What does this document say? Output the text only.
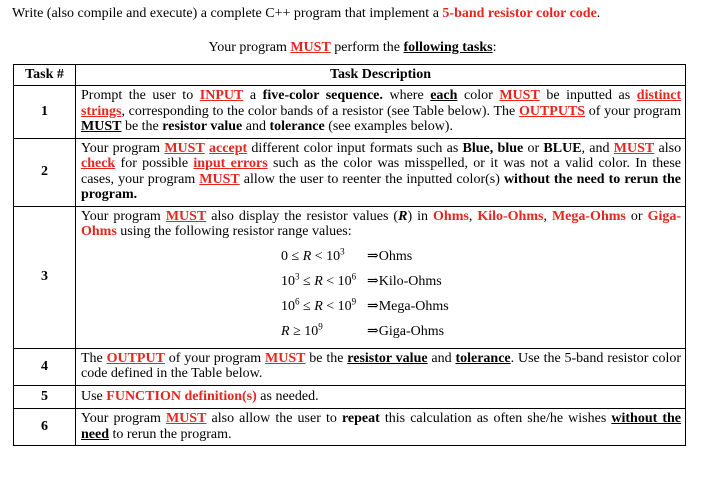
Write (also compile and execute) a complete C++ program that implement a 5-band resistor color code.
Your program MUST perform the following tasks:
Task #	Task Description
1	Prompt the user to INPUT a five-color sequence. where each color MUST be inputted as distinct strings, corresponding to the color bands of a resistor (see Table below). The OUTPUTS of your program MUST be the resistor value and tolerance (see examples below).
2	Your program MUST accept different color input formats such as Blue, blue or BLUE, and MUST also check for possible input errors such as the color was misspelled, or it was not a valid color. In these cases, your program MUST allow the user to reenter the inputted color(s) without the need to rerun the program.
3	Your program MUST also display the resistor values (R) in Ohms, Kilo-Ohms, Mega-Ohms or Giga-Ohms using the following resistor range values:
$0 \le R < 10^3$ ⇒Ohms
$10^3 \le R < 10^6$ ⇒Kilo-Ohms
$10^6 \le R < 10^9$ ⇒Mega-Ohms
$R \ge 10^9$ ⇒Giga-Ohms

4	The OUTPUT of your program MUST be the resistor value and tolerance. Use the 5-band resistor color code defined in the Table below.
5	Use FUNCTION definition(s) as needed.
6	Your program MUST also allow the user to repeat this calculation as often she/he wishes without the need to rerun the program.
